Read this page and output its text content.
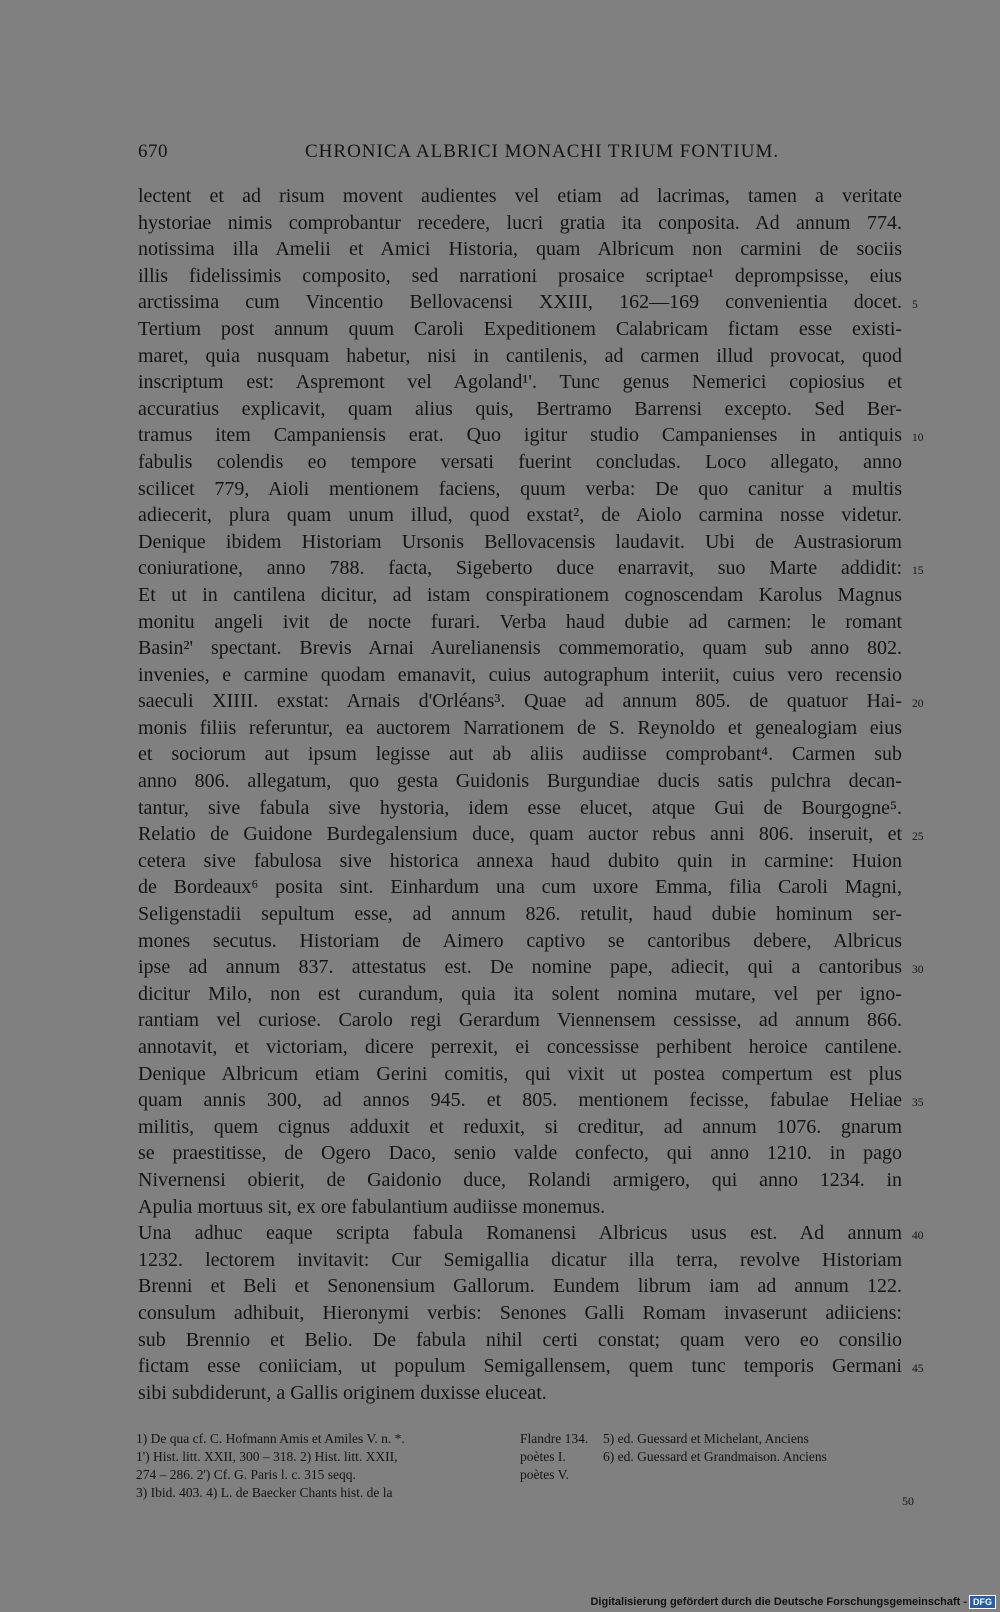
670	CHRONICA ALBRICI MONACHI TRIUM FONTIUM.
lectent et ad risum movent audientes vel etiam ad lacrimas, tamen a veritate
hystoriae nimis comprobantur recedere, lucri gratia ita conposita. Ad annum 774.
notissima illa Amelii et Amici Historia, quam Albricum non carmini de sociis
illis fidelissimis composito, sed narrationi prosaice scriptae¹ deprompsisse, eius
arctissima cum Vincentio Bellovacensi XXIII, 162—169 convenientia docet. 5
Tertium post annum quum Caroli Expeditionem Calabricam fictam esse existi-
maret, quia nusquam habetur, nisi in cantilenis, ad carmen illud provocat, quod
inscriptum est: Aspremont vel Agoland¹'. Tunc genus Nemerici copiosius et
accuratius explicavit, quam alius quis, Bertramo Barrensi excepto. Sed Ber-
tramus item Campaniensis erat. Quo igitur studio Campanienses in antiquis 10
fabulis colendis eo tempore versati fuerint concludas. Loco allegato, anno
scilicet 779, Aioli mentionem faciens, quum verba: De quo canitur a multis
adiecerit, plura quam unum illud, quod exstat², de Aiolo carmina nosse videtur.
Denique ibidem Historiam Ursonis Bellovacensis laudavit. Ubi de Austrasiorum
coniuratione, anno 788. facta, Sigeberto duce enarravit, suo Marte addidit: 15
Et ut in cantilena dicitur, ad istam conspirationem cognoscendam Karolus Magnus
monitu angeli ivit de nocte furari. Verba haud dubie ad carmen: le romant
Basin²' spectant. Brevis Arnai Aurelianensis commemoratio, quam sub anno 802.
invenies, e carmine quodam emanavit, cuius autographum interiit, cuius vero recensio
saeculi XIIII. exstat: Arnais d'Orléans³. Quae ad annum 805. de quatuor Hai- 20
monis filiis referuntur, ea auctorem Narrationem de S. Reynoldo et genealogiam eius
et sociorum aut ipsum legisse aut ab aliis audiisse comprobant⁴. Carmen sub
anno 806. allegatum, quo gesta Guidonis Burgundiae ducis satis pulchra decan-
tantur, sive fabula sive hystoria, idem esse elucet, atque Gui de Bourgogne⁵.
Relatio de Guidone Burdegalensium duce, quam auctor rebus anni 806. inseruit, et 25
cetera sive fabulosa sive historica annexa haud dubito quin in carmine: Huion
de Bordeaux⁶ posita sint. Einhardum una cum uxore Emma, filia Caroli Magni,
Seligenstadii sepultum esse, ad annum 826. retulit, haud dubie hominum ser-
mones secutus. Historiam de Aimero captivo se cantoribus debere, Albricus
ipse ad annum 837. attestatus est. De nomine pape, adiecit, qui a cantoribus 30
dicitur Milo, non est curandum, quia ita solent nomina mutare, vel per igno-
rantiam vel curiose. Carolo regi Gerardum Viennensem cessisse, ad annum 866.
annotavit, et victoriam, dicere perrexit, ei concessisse perhibent heroice cantilene.
Denique Albricum etiam Gerini comitis, qui vixit ut postea compertum est plus
quam annis 300, ad annos 945. et 805. mentionem fecisse, fabulae Heliae 35
militis, quem cignus adduxit et reduxit, si creditur, ad annum 1076. gnarum
se praestitisse, de Ogero Daco, senio valde confecto, qui anno 1210. in pago
Nivernensi obierit, de Gaidonio duce, Rolandi armigero, qui anno 1234. in
Apulia mortuus sit, ex ore fabulantium audiisse monemus.
Una adhuc eaque scripta fabula Romanensi Albricus usus est. Ad annum 40
1232. lectorem invitavit: Cur Semigallia dicatur illa terra, revolve Historiam
Brenni et Beli et Senonensium Gallorum. Eundem librum iam ad annum 122.
consulum adhibuit, Hieronymi verbis: Senones Galli Romam invaserunt adiiciens:
sub Brennio et Belio. De fabula nihil certi constat; quam vero eo consilio
fictam esse coniiciam, ut populum Semigallensem, quem tunc temporis Germani 45
sibi subdiderunt, a Gallis originem duxisse eluceat.
1) De qua cf. C. Hofmann Amis et Amiles V. n. *.
1') Hist. litt. XXII, 300 – 318. 2) Hist. litt. XXII,
274 – 286. 2') Cf. G. Paris l. c. 315 seqq.
3) Ibid. 403. 4) L. de Baecker Chants hist. de la
Flandre 134.
poètes I.
poètes V.
5) ed. Guessard et Michelant, Anciens
6) ed. Guessard et Grandmaison. Anciens
50
Digitalisierung gefördert durch die Deutsche Forschungsgemeinschaft - DFG
